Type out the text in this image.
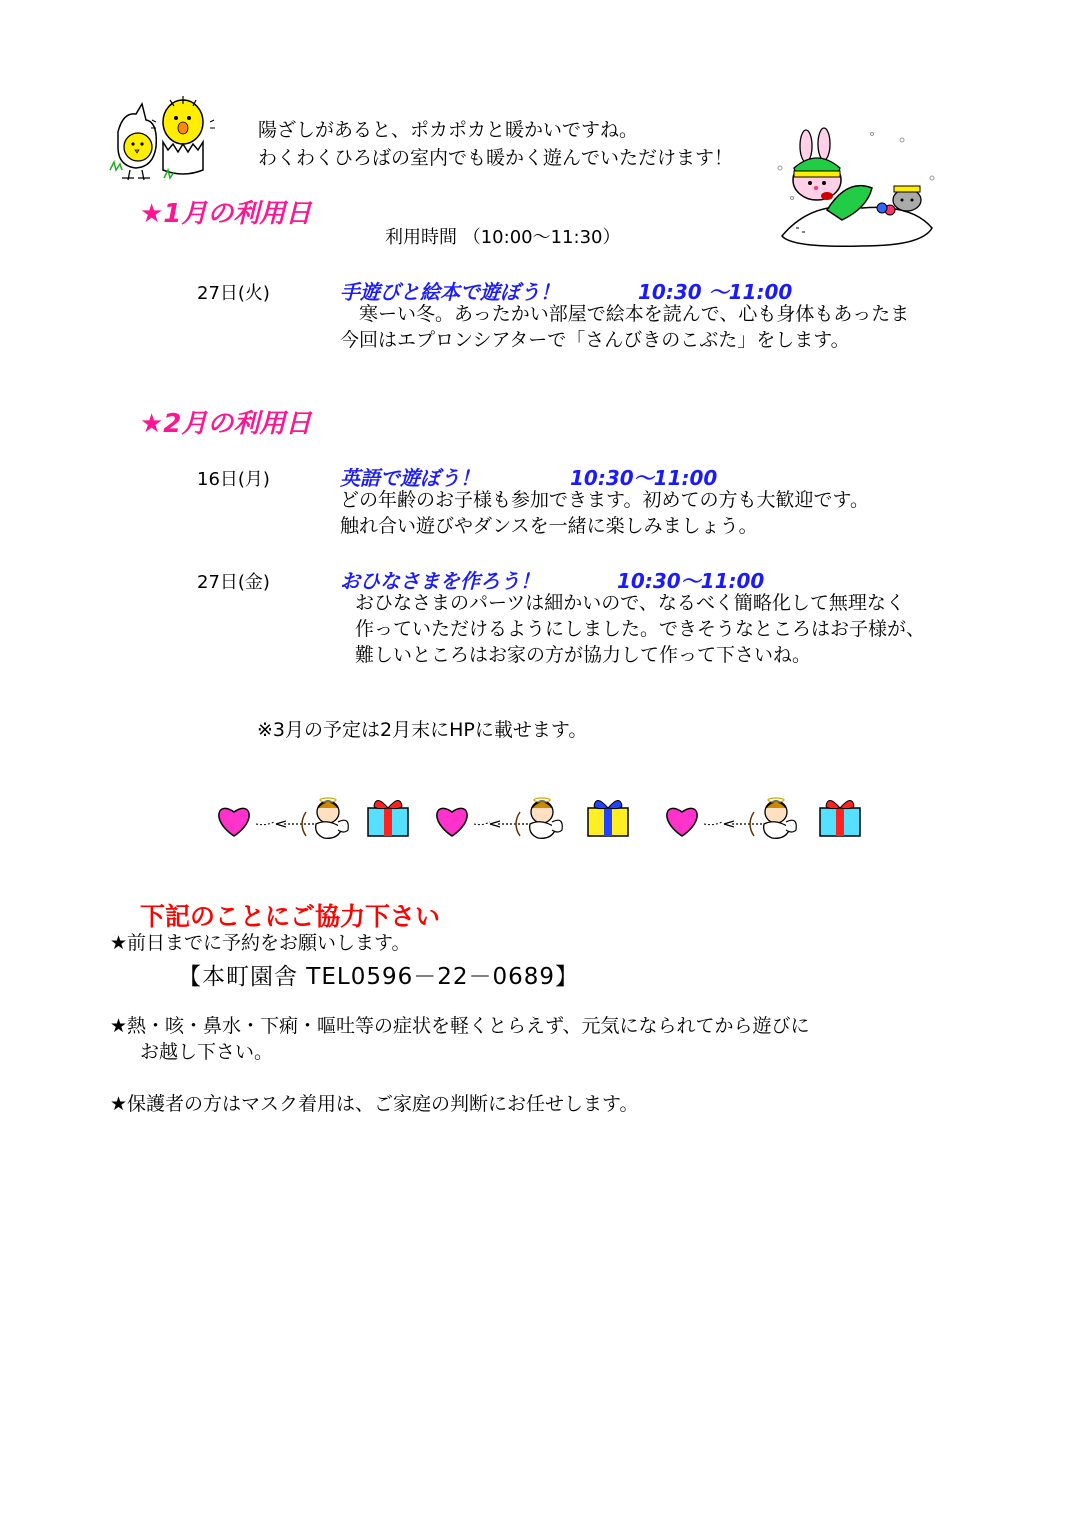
陽ざしがあると、ポカポカと暖かいですね。
わくわくひろばの室内でも暖かく遊んでいただけます！
★1月の利用日
利用時間 （10:00～11:30）
27日(火)	手遊びと絵本で遊ぼう！	10:30 ～11:00
　寒ーい冬。あったかい部屋で絵本を読んで、心も身体もあったま
今回はエプロンシアターで「さんびきのこぶた」をします。
★2月の利用日
16日(月)	英語で遊ぼう！	10:30～11:00
どの年齢のお子様も参加できます。初めての方も大歓迎です。
触れ合い遊びやダンスを一緒に楽しみましょう。
27日(金)	おひなさまを作ろう！	10:30～11:00
おひなさまのパーツは細かいので、なるべく簡略化して無理なく
作っていただけるようにしました。できそうなところはお子様が、
難しいところはお家の方が協力して作って下さいね。
※3月の予定は2月末にHPに載せます。
下記のことにご協力下さい
★前日までに予約をお願いします。
【本町園舎 TEL0596－22－0689】
★熱・咳・鼻水・下痢・嘔吐等の症状を軽くとらえず、元気になられてから遊びに
お越し下さい。
★保護者の方はマスク着用は、ご家庭の判断にお任せします。
